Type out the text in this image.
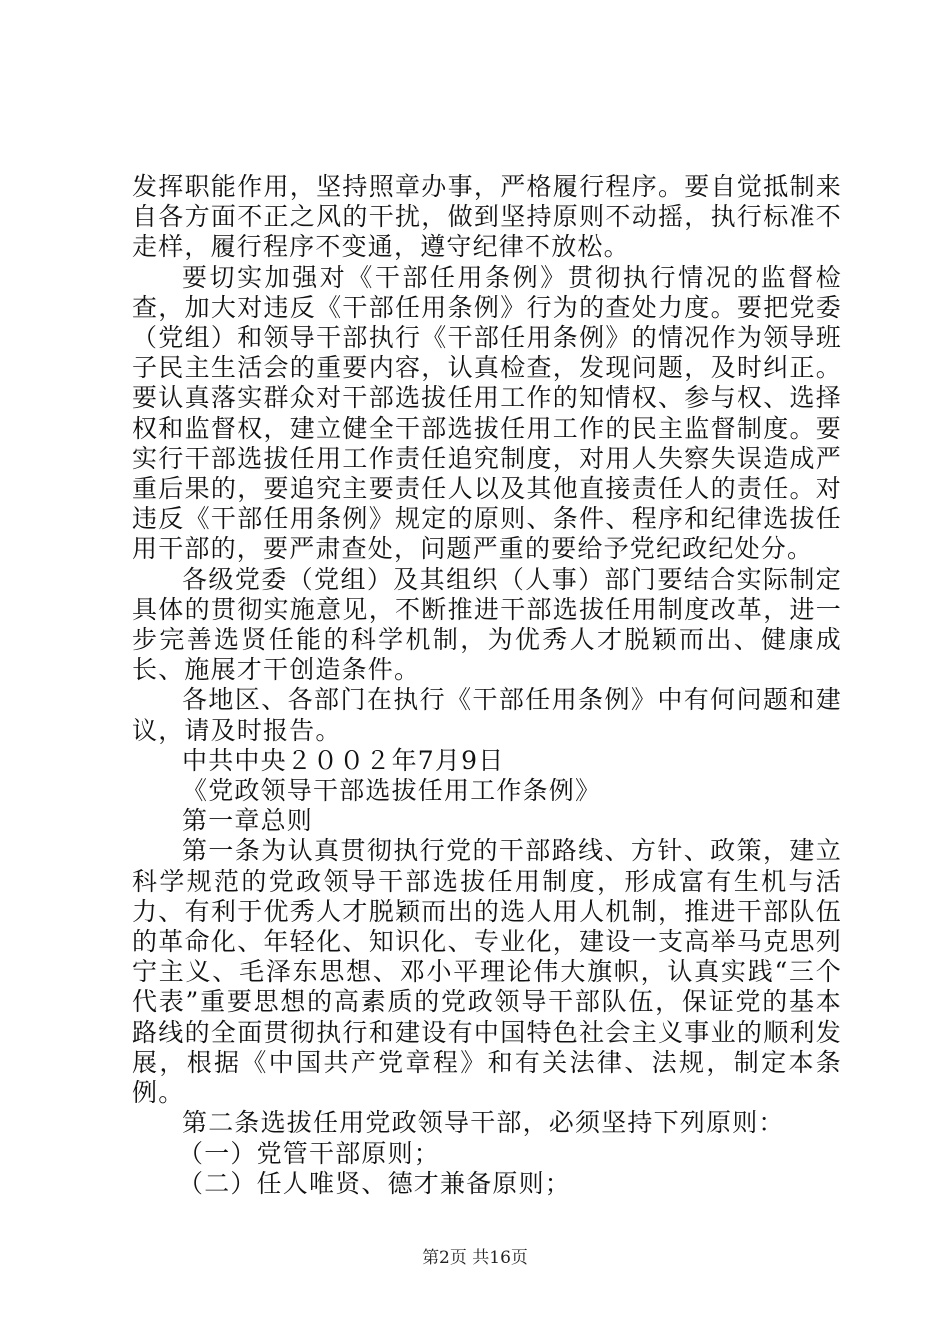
发挥职能作用，坚持照章办事，严格履行程序。要自觉抵制来自各方面不正之风的干扰，做到坚持原则不动摇，执行标准不走样，履行程序不变通，遵守纪律不放松。

要切实加强对《干部任用条例》贯彻执行情况的监督检查，加大对违反《干部任用条例》行为的查处力度。要把党委（党组）和领导干部执行《干部任用条例》的情况作为领导班子民主生活会的重要内容，认真检查，发现问题，及时纠正。要认真落实群众对干部选拔任用工作的知情权、参与权、选择权和监督权，建立健全干部选拔任用工作的民主监督制度。要实行干部选拔任用工作责任追究制度，对用人失察失误造成严重后果的，要追究主要责任人以及其他直接责任人的责任。对违反《干部任用条例》规定的原则、条件、程序和纪律选拔任用干部的，要严肃查处，问题严重的要给予党纪政纪处分。

各级党委（党组）及其组织（人事）部门要结合实际制定具体的贯彻实施意见，不断推进干部选拔任用制度改革，进一步完善选贤任能的科学机制，为优秀人才脱颖而出、健康成长、施展才干创造条件。

各地区、各部门在执行《干部任用条例》中有何问题和建议，请及时报告。

中共中央２００２年7月9日

《党政领导干部选拔任用工作条例》

第一章总则

第一条为认真贯彻执行党的干部路线、方针、政策，建立科学规范的党政领导干部选拔任用制度，形成富有生机与活力、有利于优秀人才脱颖而出的选人用人机制，推进干部队伍的革命化、年轻化、知识化、专业化，建设一支高举马克思列宁主义、毛泽东思想、邓小平理论伟大旗帜，认真实践“三个代表”重要思想的高素质的党政领导干部队伍，保证党的基本路线的全面贯彻执行和建设有中国特色社会主义事业的顺利发展，根据《中国共产党章程》和有关法律、法规，制定本条例。

第二条选拔任用党政领导干部，必须坚持下列原则：

（一）党管干部原则；

（二）任人唯贤、德才兼备原则；

第2页 共16页
